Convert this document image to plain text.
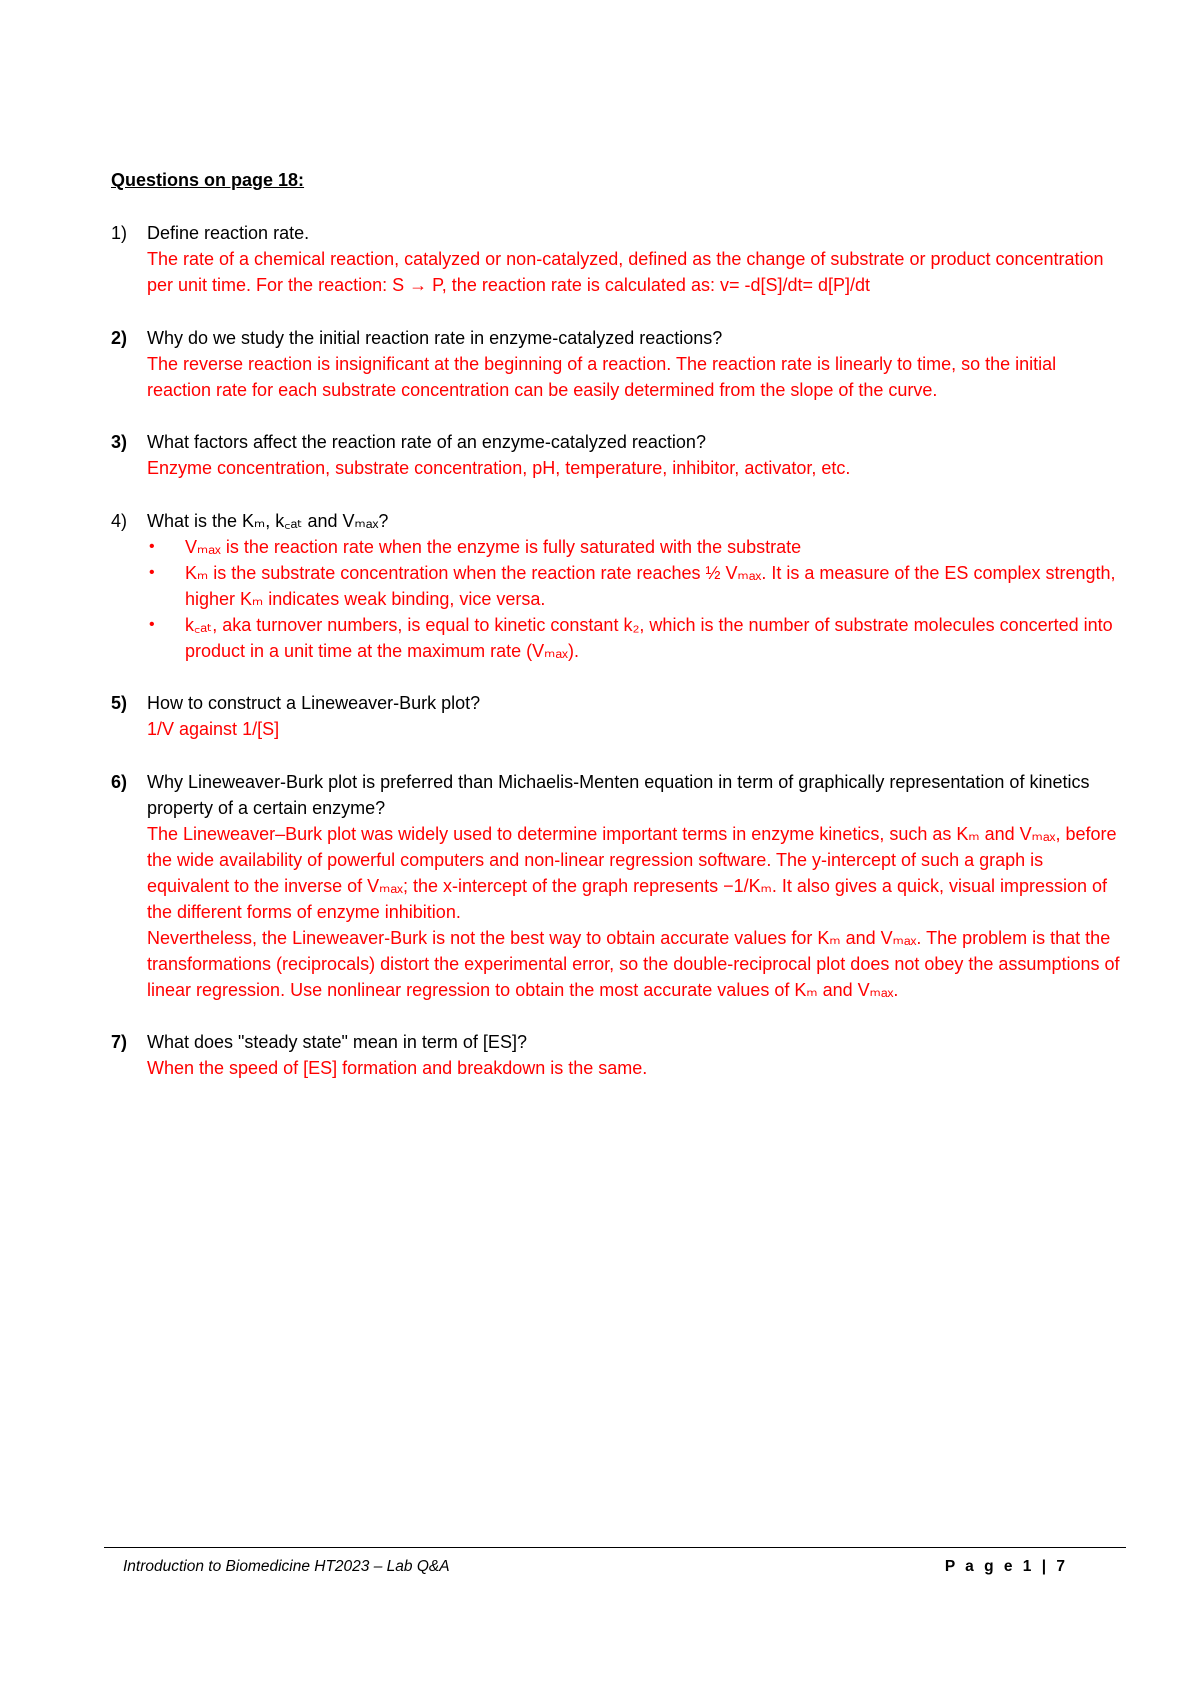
Questions on page 18:
1)	Define reaction rate.
The rate of a chemical reaction, catalyzed or non-catalyzed, defined as the change of substrate or product concentration per unit time. For the reaction: S → P, the reaction rate is calculated as: v= -d[S]/dt= d[P]/dt
2)	Why do we study the initial reaction rate in enzyme-catalyzed reactions?
The reverse reaction is insignificant at the beginning of a reaction. The reaction rate is linearly to time, so the initial reaction rate for each substrate concentration can be easily determined from the slope of the curve.
3)	What factors affect the reaction rate of an enzyme-catalyzed reaction?
Enzyme concentration, substrate concentration, pH, temperature, inhibitor, activator, etc.
4)	What is the Kₘ, k꜀ₐₜ and Vₘₐₓ?
•	Vₘₐₓ is the reaction rate when the enzyme is fully saturated with the substrate
•	Kₘ is the substrate concentration when the reaction rate reaches ½ Vₘₐₓ. It is a measure of the ES complex strength, higher Kₘ indicates weak binding, vice versa.
•	k꜀ₐₜ, aka turnover numbers, is equal to kinetic constant k₂, which is the number of substrate molecules concerted into product in a unit time at the maximum rate (Vₘₐₓ).
5)	How to construct a Lineweaver-Burk plot?
1/V against 1/[S]
6)	Why Lineweaver-Burk plot is preferred than Michaelis-Menten equation in term of graphically representation of kinetics property of a certain enzyme?

The Lineweaver–Burk plot was widely used to determine important terms in enzyme kinetics, such as Kₘ and Vₘₐₓ, before the wide availability of powerful computers and non-linear regression software. The y-intercept of such a graph is equivalent to the inverse of Vₘₐₓ; the x-intercept of the graph represents −1/Kₘ. It also gives a quick, visual impression of the different forms of enzyme inhibition.

Nevertheless, the Lineweaver-Burk is not the best way to obtain accurate values for Kₘ and Vₘₐₓ. The problem is that the transformations (reciprocals) distort the experimental error, so the double-reciprocal plot does not obey the assumptions of linear regression. Use nonlinear regression to obtain the most accurate values of Kₘ and Vₘₐₓ.

7)	What does "steady state" mean in term of [ES]?
When the speed of [ES] formation and breakdown is the same.
Introduction to Biomedicine HT2023 – Lab Q&A	P a g e 1 | 7
